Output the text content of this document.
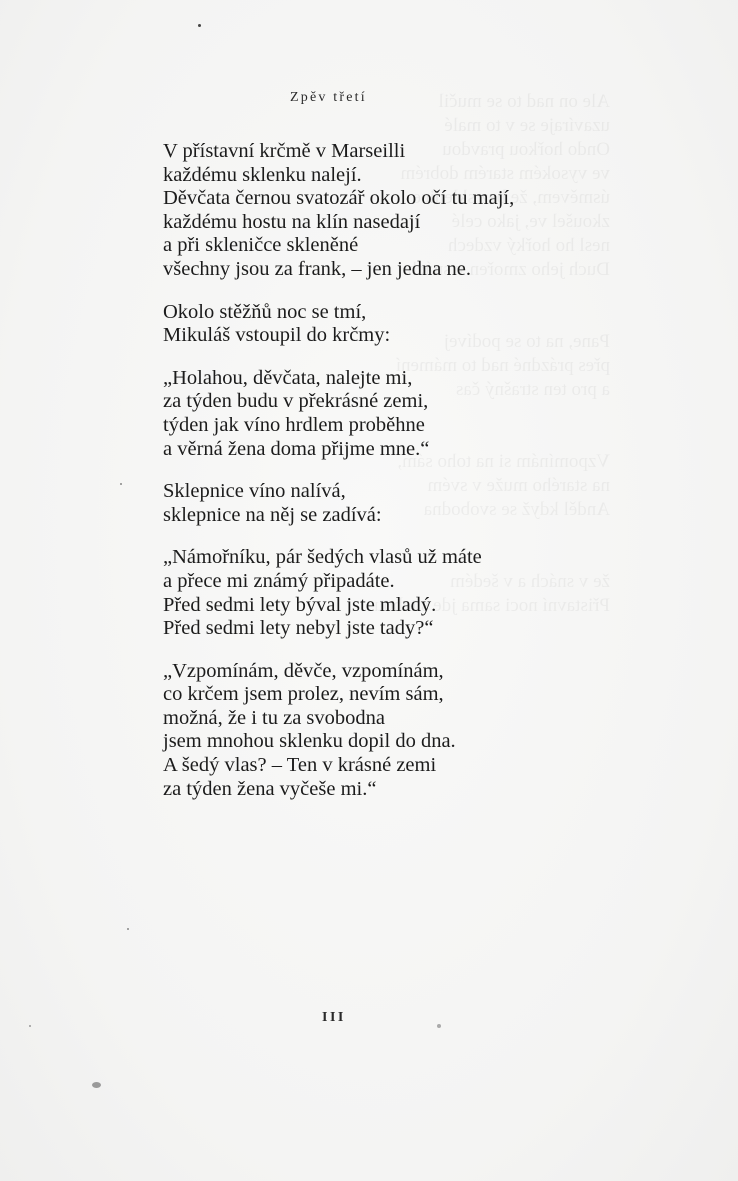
Zpěv třetí
V přístavní krčmě v Marseilli
každému sklenku nalejí.
Děvčata černou svatozář okolo očí tu mají,
každému hostu na klín nasedají
a při skleničce skleněné
všechny jsou za frank, – jen jedna ne.
Okolo stěžňů noc se tmí,
Mikuláš vstoupil do krčmy:
„Holahou, děvčata, nalejte mi,
za týden budu v překrásné zemi,
týden jak víno hrdlem proběhne
a věrná žena doma přijme mne.“
Sklepnice víno nalívá,
sklepnice na něj se zadívá:
„Námořníku, pár šedých vlasů už máte
a přece mi známý připadáte.
Před sedmi lety býval jste mladý.
Před sedmi lety nebyl jste tady?“
„Vzpomínám, děvče, vzpomínám,
co krčem jsem prolez, nevím sám,
možná, že i tu za svobodna
jsem mnohou sklenku dopil do dna.
A šedý vlas? – Ten v krásné zemi
za týden žena vyčeše mi.“
III
